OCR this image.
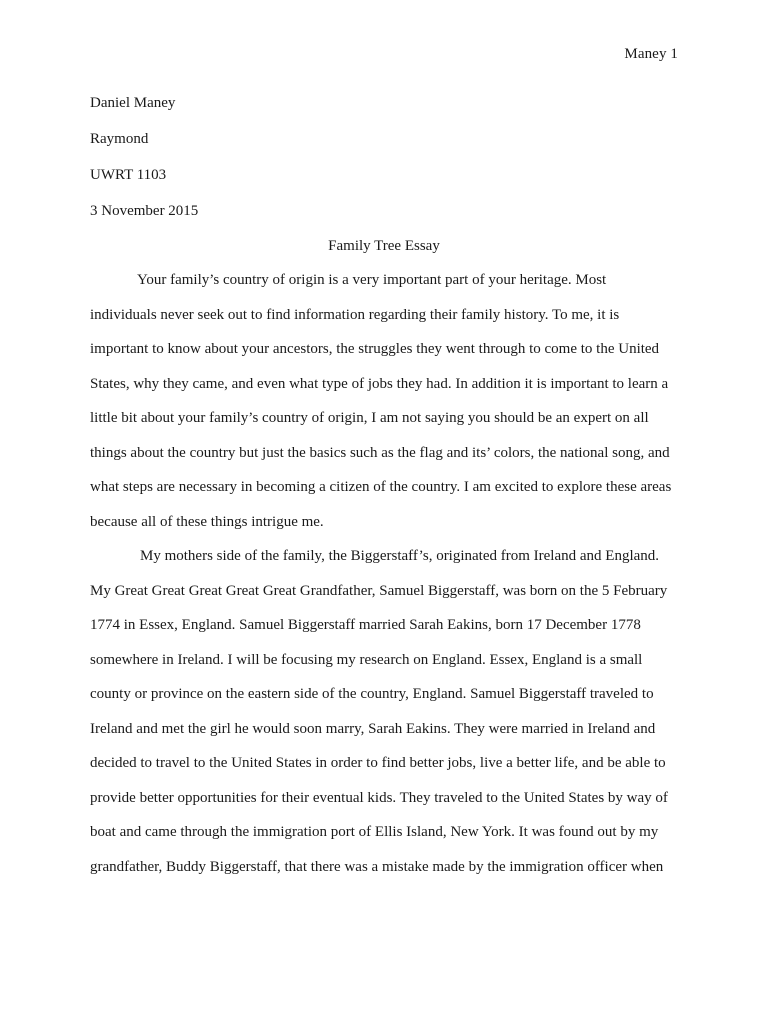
Maney 1
Daniel Maney
Raymond
UWRT 1103
3 November 2015
Family Tree Essay
Your family’s country of origin is a very important part of your heritage. Most
individuals never seek out to find information regarding their family history. To me, it is
important to know about your ancestors, the struggles they went through to come to the United
States, why they came, and even what type of jobs they had. In addition it is important to learn a
little bit about your family’s country of origin, I am not saying you should be an expert on all
things about the country but just the basics such as the flag and its’ colors, the national song, and
what steps are necessary in becoming a citizen of the country. I am excited to explore these areas
because all of these things intrigue me.
My mothers side of the family, the Biggerstaff’s, originated from Ireland and England.
My Great Great Great Great Great Grandfather, Samuel Biggerstaff, was born on the 5 February
1774 in Essex, England. Samuel Biggerstaff married Sarah Eakins, born 17 December 1778
somewhere in Ireland. I will be focusing my research on England. Essex, England is a small
county or province on the eastern side of the country, England. Samuel Biggerstaff traveled to
Ireland and met the girl he would soon marry, Sarah Eakins. They were married in Ireland and
decided to travel to the United States in order to find better jobs, live a better life, and be able to
provide better opportunities for their eventual kids. They traveled to the United States by way of
boat and came through the immigration port of Ellis Island, New York. It was found out by my
grandfather, Buddy Biggerstaff, that there was a mistake made by the immigration officer when
